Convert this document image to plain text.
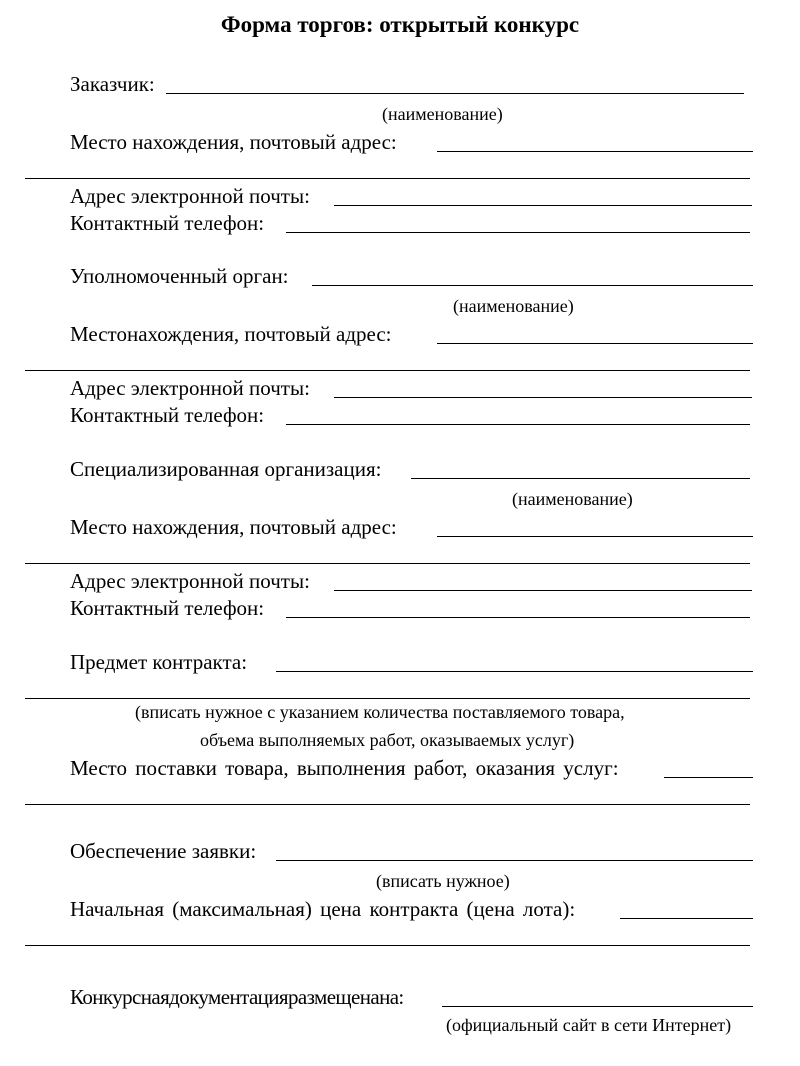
Форма торгов: открытый конкурс
Заказчик:
(наименование)
Место нахождения, почтовый адрес:
Адрес электронной почты:
Контактный телефон:
Уполномоченный орган:
(наименование)
Местонахождения, почтовый адрес:
Адрес электронной почты:
Контактный телефон:
Специализированная организация:
(наименование)
Место нахождения, почтовый адрес:
Адрес электронной почты:
Контактный телефон:
Предмет контракта:
(вписать нужное с указанием количества поставляемого товара,
объема выполняемых работ, оказываемых услуг)
Место поставки товара, выполнения работ, оказания услуг:
Обеспечение заявки:
(вписать нужное)
Начальная (максимальная) цена контракта (цена лота):
Конкурснаядокументацияразмещенана:
(официальный сайт в сети Интернет)
